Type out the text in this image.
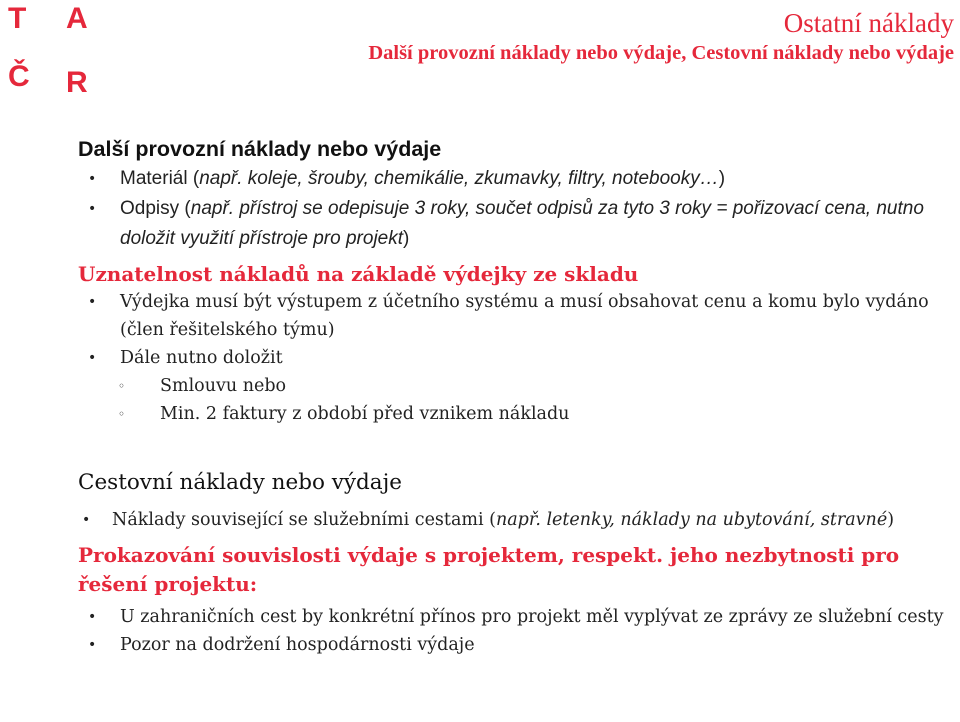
T A
Č R
Ostatní náklady
Další provozní náklady nebo výdaje, Cestovní náklady nebo výdaje
Další provozní náklady nebo výdaje
• Materiál (např. koleje, šrouby, chemikálie, zkumavky, filtry, notebooky…)
• Odpisy (např. přístroj se odepisuje 3 roky, součet odpisů za tyto 3 roky = pořizovací cena, nutno doložit využití přístroje pro projekt)
Uznatelnost nákladů na základě výdejky ze skladu
• Výdejka musí být výstupem z účetního systému a musí obsahovat cenu a komu bylo vydáno (člen řešitelského týmu)
• Dále nutno doložit
◦ Smlouvu nebo
◦ Min. 2 faktury z období před vznikem nákladu
Cestovní náklady nebo výdaje
• Náklady související se služebními cestami (např. letenky, náklady na ubytování, stravné)
Prokazování souvislosti výdaje s projektem, respekt. jeho nezbytnosti pro řešení projektu:
• U zahraničních cest by konkrétní přínos pro projekt měl vyplývat ze zprávy ze služební cesty
• Pozor na dodržení hospodárnosti výdaje
